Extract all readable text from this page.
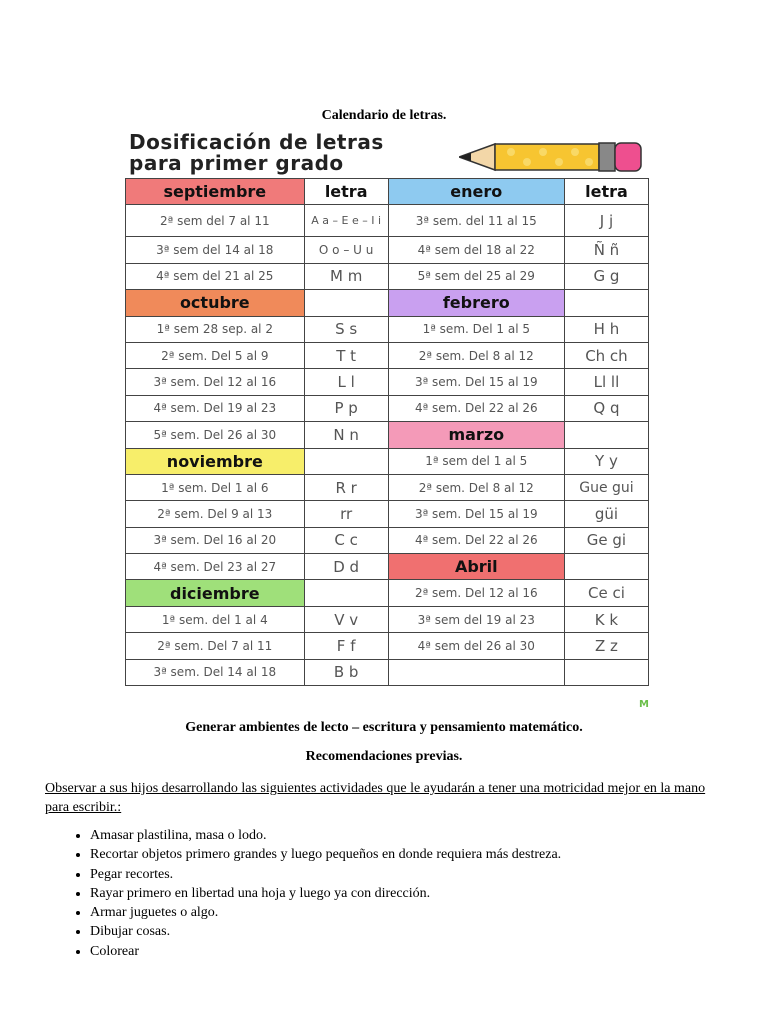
Calendario de letras.
Dosificación de letras
para primer grado
septiembre	letra	enero	letra
2ª sem del 7 al 11	A a – E e – I i	3ª sem. del 11 al 15	J j
3ª sem del 14 al 18	O o – U u	4ª sem del 18 al 22	Ñ ñ
4ª sem del 21 al 25	M m	5ª sem del 25 al 29	G g
octubre		febrero	
1ª sem 28 sep. al 2	S s	1ª sem. Del 1 al 5	H h
2ª sem. Del 5 al 9	T t	2ª sem. Del 8 al 12	Ch ch
3ª sem. Del 12 al 16	L l	3ª sem. Del 15 al 19	Ll ll
4ª sem. Del 19 al 23	P p	4ª sem. Del 22 al 26	Q q
5ª sem. Del 26 al 30	N n	marzo	
noviembre		1ª sem del 1 al 5	Y y
1ª sem. Del 1 al 6	R r	2ª sem. Del 8 al 12	Gue gui
2ª sem. Del 9 al 13	rr	3ª sem. Del 15 al 19	güi
3ª sem. Del 16 al 20	C c	4ª sem. Del 22 al 26	Ge gi
4ª sem. Del 23 al 27	D d	Abril	
diciembre		2ª sem. Del 12 al 16	Ce ci
1ª sem. del 1 al 4	V v	3ª sem del 19 al 23	K k
2ª sem. Del 7 al 11	F f	4ª sem del 26 al 30	Z z
3ª sem. Del 14 al 18	B b		
M
Generar ambientes de lecto – escritura y pensamiento matemático.
Recomendaciones previas.
Observar a sus hijos desarrollando las siguientes actividades que le ayudarán a tener una motricidad mejor en la mano para escribir.:
• Amasar plastilina, masa o lodo.
• Recortar objetos primero grandes y luego pequeños en donde requiera más destreza.
• Pegar recortes.
• Rayar primero en libertad una hoja y luego ya con dirección.
• Armar juguetes o algo.
• Dibujar cosas.
• Colorear
